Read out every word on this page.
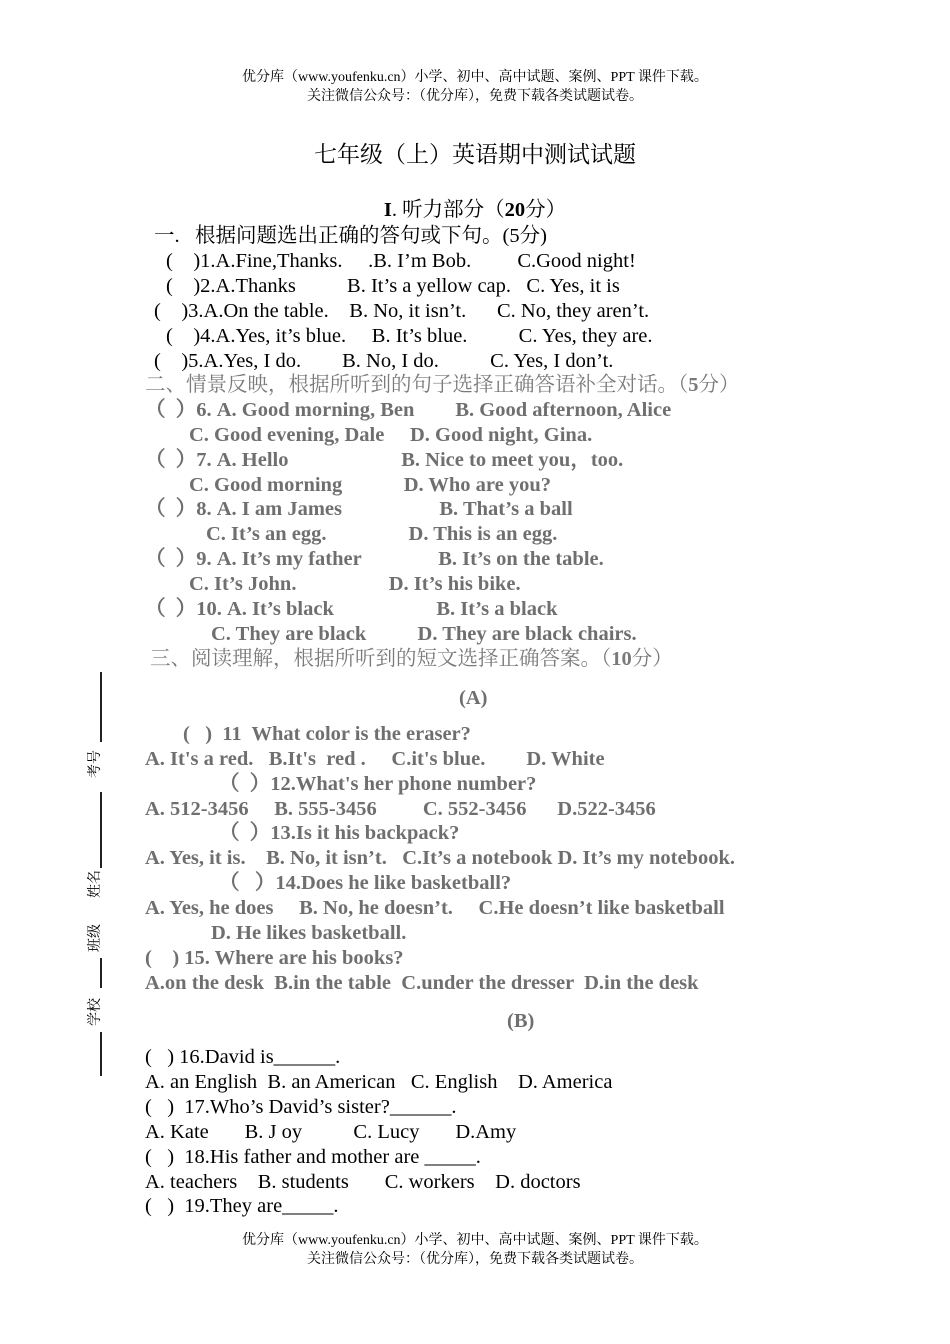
优分库（www.youfenku.cn）小学、初中、高中试题、案例、PPT 课件下载。
关注微信公众号：（优分库），免费下载各类试题试卷。
七年级（上）英语期中测试试题
I. 听力部分（20分）
一.   根据问题选出正确的答句或下句。(5分)
(    )1.A.Fine,Thanks.     .B. I’m Bob.         C.Good night!
(    )2.A.Thanks          B. It’s a yellow cap.   C. Yes, it is
(    )3.A.On the table.    B. No, it isn’t.      C. No, they aren’t.
(    )4.A.Yes, it’s blue.     B. It’s blue.          C. Yes, they are.
(    )5.A.Yes, I do.        B. No, I do.          C. Yes, I don’t.
二、情景反映，根据所听到的句子选择正确答语补全对话。（5分）
（  ）6. A. Good morning, Ben        B. Good afternoon, Alice
C. Good evening, Dale     D. Good night, Gina.
（  ）7. A. Hello                      B. Nice to meet you，too.
C. Good morning            D. Who are you?
（  ）8. A. I am James                   B. That’s a ball
C. It’s an egg.                D. This is an egg.
（  ）9. A. It’s my father               B. It’s on the table.
C. It’s John.                  D. It’s his bike.
（  ）10. A. It’s black                    B. It’s a black
C. They are black          D. They are black chairs.
三、阅读理解，根据所听到的短文选择正确答案。（10分）
(A)
(   )  11  What color is the eraser?
A. It's a red.   B.It's  red .     C.it's blue.        D. White
（  ）12.What's her phone number?
A. 512-3456     B. 555-3456         C. 552-3456      D.522-3456
（  ）13.Is it his backpack?
A. Yes, it is.    B. No, it isn’t.   C.It’s a notebook D. It’s my notebook.
（   ）14.Does he like basketball?
A. Yes, he does     B. No, he doesn’t.     C.He doesn’t like basketball
D. He likes basketball.
(    ) 15. Where are his books?
A.on the desk  B.in the table  C.under the dresser  D.in the desk
(B)
(   ) 16.David is______.
A. an English  B. an American   C. English    D. America
(   )  17.Who’s David’s sister?______.
A. Kate       B. J oy          C. Lucy       D.Amy
(   )  18.His father and mother are _____.
A. teachers    B. students       C. workers    D. doctors
(   )  19.They are_____.
优分库（www.youfenku.cn）小学、初中、高中试题、案例、PPT 课件下载。
关注微信公众号：（优分库），免费下载各类试题试卷。
考号
姓名
班级
学校
